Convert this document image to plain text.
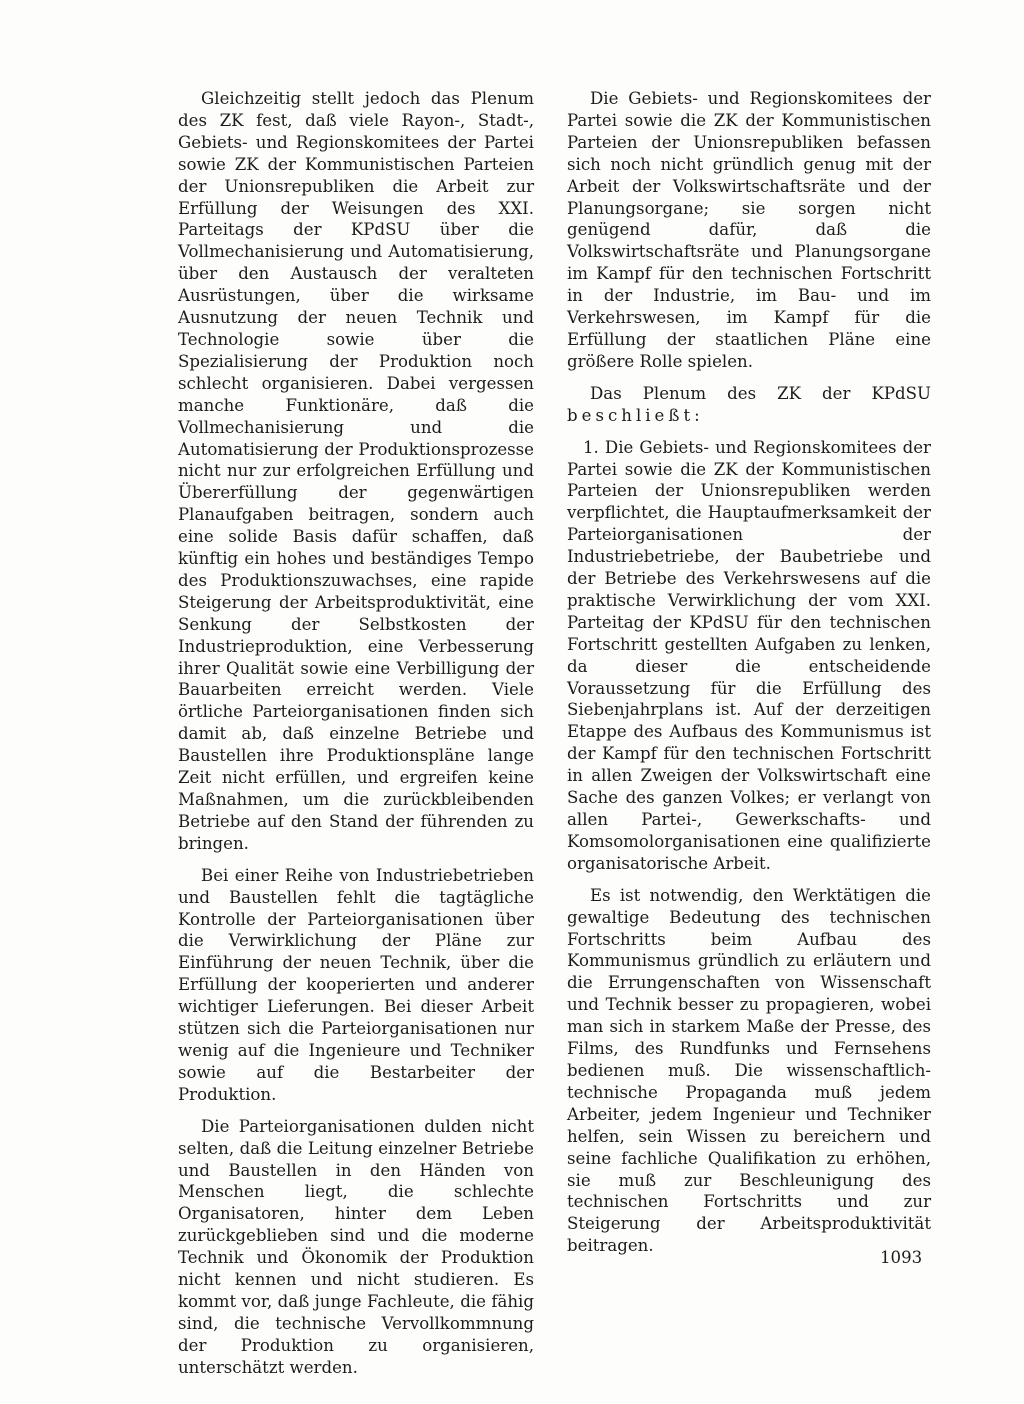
Gleichzeitig stellt jedoch das Plenum des ZK fest, daß viele Rayon-, Stadt-, Gebiets- und Regionskomitees der Partei sowie ZK der Kommunistischen Parteien der Unionsrepubliken die Arbeit zur Erfüllung der Weisungen des XXI. Parteitags der KPdSU über die Vollmechanisierung und Automatisierung, über den Austausch der veralteten Ausrüstungen, über die wirksame Ausnutzung der neuen Technik und Technologie sowie über die Spezialisierung der Produktion noch schlecht organisieren. Dabei vergessen manche Funktionäre, daß die Vollmechanisierung und die Automatisierung der Produktionsprozesse nicht nur zur erfolgreichen Erfüllung und Übererfüllung der gegenwärtigen Planaufgaben beitragen, sondern auch eine solide Basis dafür schaffen, daß künftig ein hohes und beständiges Tempo des Produktionszuwachses, eine rapide Steigerung der Arbeitsproduktivität, eine Senkung der Selbstkosten der Industrieproduktion, eine Verbesserung ihrer Qualität sowie eine Verbilligung der Bauarbeiten erreicht werden. Viele örtliche Parteiorganisationen finden sich damit ab, daß einzelne Betriebe und Baustellen ihre Produktionspläne lange Zeit nicht erfüllen, und ergreifen keine Maßnahmen, um die zurückbleibenden Betriebe auf den Stand der führenden zu bringen.

Bei einer Reihe von Industriebetrieben und Baustellen fehlt die tagtägliche Kontrolle der Parteiorganisationen über die Verwirklichung der Pläne zur Einführung der neuen Technik, über die Erfüllung der kooperierten und anderer wichtiger Lieferungen. Bei dieser Arbeit stützen sich die Parteiorganisationen nur wenig auf die Ingenieure und Techniker sowie auf die Bestarbeiter der Produktion.

Die Parteiorganisationen dulden nicht selten, daß die Leitung einzelner Betriebe und Baustellen in den Händen von Menschen liegt, die schlechte Organisatoren, hinter dem Leben zurückgeblieben sind und die moderne Technik und Ökonomik der Produktion nicht kennen und nicht studieren. Es kommt vor, daß junge Fachleute, die fähig sind, die technische Vervollkommnung der Produktion zu organisieren, unterschätzt werden.

Die Gebiets- und Regionskomitees der Partei sowie die ZK der Kommunistischen Parteien der Unionsrepubliken befassen sich noch nicht gründlich genug mit der Arbeit der Volkswirtschaftsräte und der Planungsorgane; sie sorgen nicht genügend dafür, daß die Volkswirtschaftsräte und Planungsorgane im Kampf für den technischen Fortschritt in der Industrie, im Bau- und im Verkehrswesen, im Kampf für die Erfüllung der staatlichen Pläne eine größere Rolle spielen.

Das Plenum des ZK der KPdSU beschließt:

1. Die Gebiets- und Regionskomitees der Partei sowie die ZK der Kommunistischen Parteien der Unionsrepubliken werden verpflichtet, die Hauptaufmerksamkeit der Parteiorganisationen der Industriebetriebe, der Baubetriebe und der Betriebe des Verkehrswesens auf die praktische Verwirklichung der vom XXI. Parteitag der KPdSU für den technischen Fortschritt gestellten Aufgaben zu lenken, da dieser die entscheidende Voraussetzung für die Erfüllung des Siebenjahrplans ist. Auf der derzeitigen Etappe des Aufbaus des Kommunismus ist der Kampf für den technischen Fortschritt in allen Zweigen der Volkswirtschaft eine Sache des ganzen Volkes; er verlangt von allen Partei-, Gewerkschafts- und Komsomolorganisationen eine qualifizierte organisatorische Arbeit.

Es ist notwendig, den Werktätigen die gewaltige Bedeutung des technischen Fortschritts beim Aufbau des Kommunismus gründlich zu erläutern und die Errungenschaften von Wissenschaft und Technik besser zu propagieren, wobei man sich in starkem Maße der Presse, des Films, des Rundfunks und Fernsehens bedienen muß. Die wissenschaftlich-technische Propaganda muß jedem Arbeiter, jedem Ingenieur und Techniker helfen, sein Wissen zu bereichern und seine fachliche Qualifikation zu erhöhen, sie muß zur Beschleunigung des technischen Fortschritts und zur Steigerung der Arbeitsproduktivität beitragen.

1093
